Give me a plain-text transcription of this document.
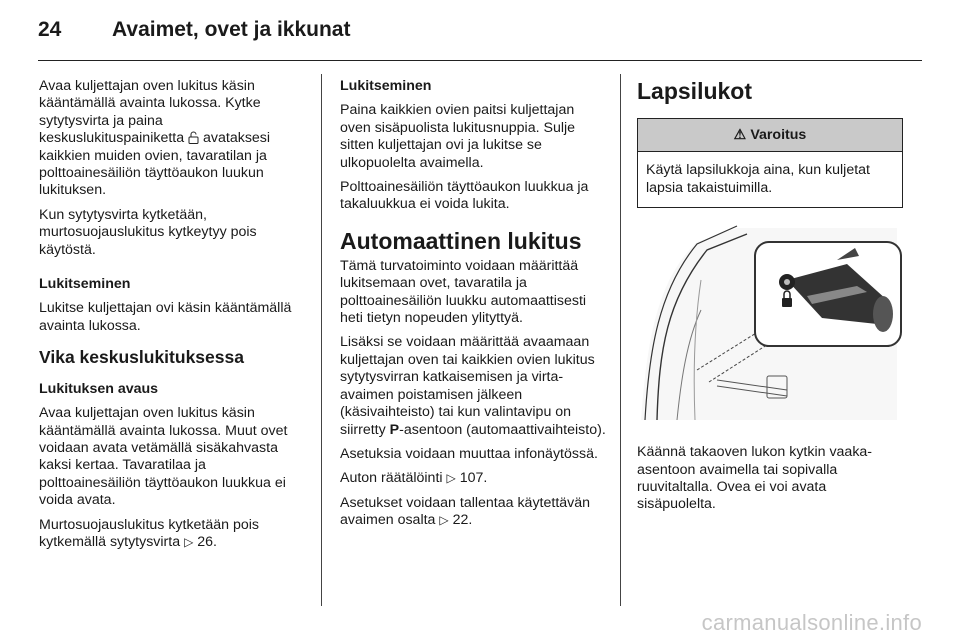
24 Avaimet, ovet ja ikkunat

Avaa kuljettajan oven lukitus käsin kääntämällä avainta lukossa. Kytke sytytysvirta ja paina keskuslukituspainiketta avataksesi kaikkien muiden ovien, tavaratilan ja polttoainesäiliön täyttöaukon luukun lukituksen.

Kun sytytysvirta kytketään, murtosuojauslukitus kytkeytyy pois käytöstä.

Lukitseminen

Lukitse kuljettajan ovi käsin kääntämällä avainta lukossa.

Vika keskuslukituksessa

Lukituksen avaus

Avaa kuljettajan oven lukitus käsin kääntämällä avainta lukossa. Muut ovet voidaan avata vetämällä sisäkahvasta kaksi kertaa. Tavaratilaa ja polttoainesäiliön täyttöaukon luukkua ei voida avata.

Murtosuojauslukitus kytketään pois kytkemällä sytytysvirta ▷ 26.

Lukitseminen

Paina kaikkien ovien paitsi kuljettajan oven sisäpuolista lukitusnuppia. Sulje sitten kuljettajan ovi ja lukitse se ulkopuolelta avaimella.

Polttoainesäiliön täyttöaukon luukkua ja takaluukkua ei voida lukita.

Automaattinen lukitus

Tämä turvatoiminto voidaan määrittää lukitsemaan ovet, tavaratila ja polttoainesäiliön luukku automaattisesti heti tietyn nopeuden ylityttyä.

Lisäksi se voidaan määrittää avaamaan kuljettajan oven tai kaikkien ovien lukitus sytytysvirran katkaisemisen ja virta-avaimen poistamisen jälkeen (käsivaihteisto) tai kun valintavipu on siirretty P-asentoon (automaattivaihteisto).

Asetuksia voidaan muuttaa infonäytössä.

Auton räätälöinti ▷ 107.

Asetukset voidaan tallentaa käytettävän avaimen osalta ▷ 22.

Lapsilukot
⚠ Varoitus
Käytä lapsilukkoja aina, kun kuljetat lapsia takaistuimilla.

Käännä takaoven lukon kytkin vaaka-asentoon avaimella tai sopivalla ruuvitaltalla. Ovea ei voi avata sisäpuolelta.

carmanualsonline.info
